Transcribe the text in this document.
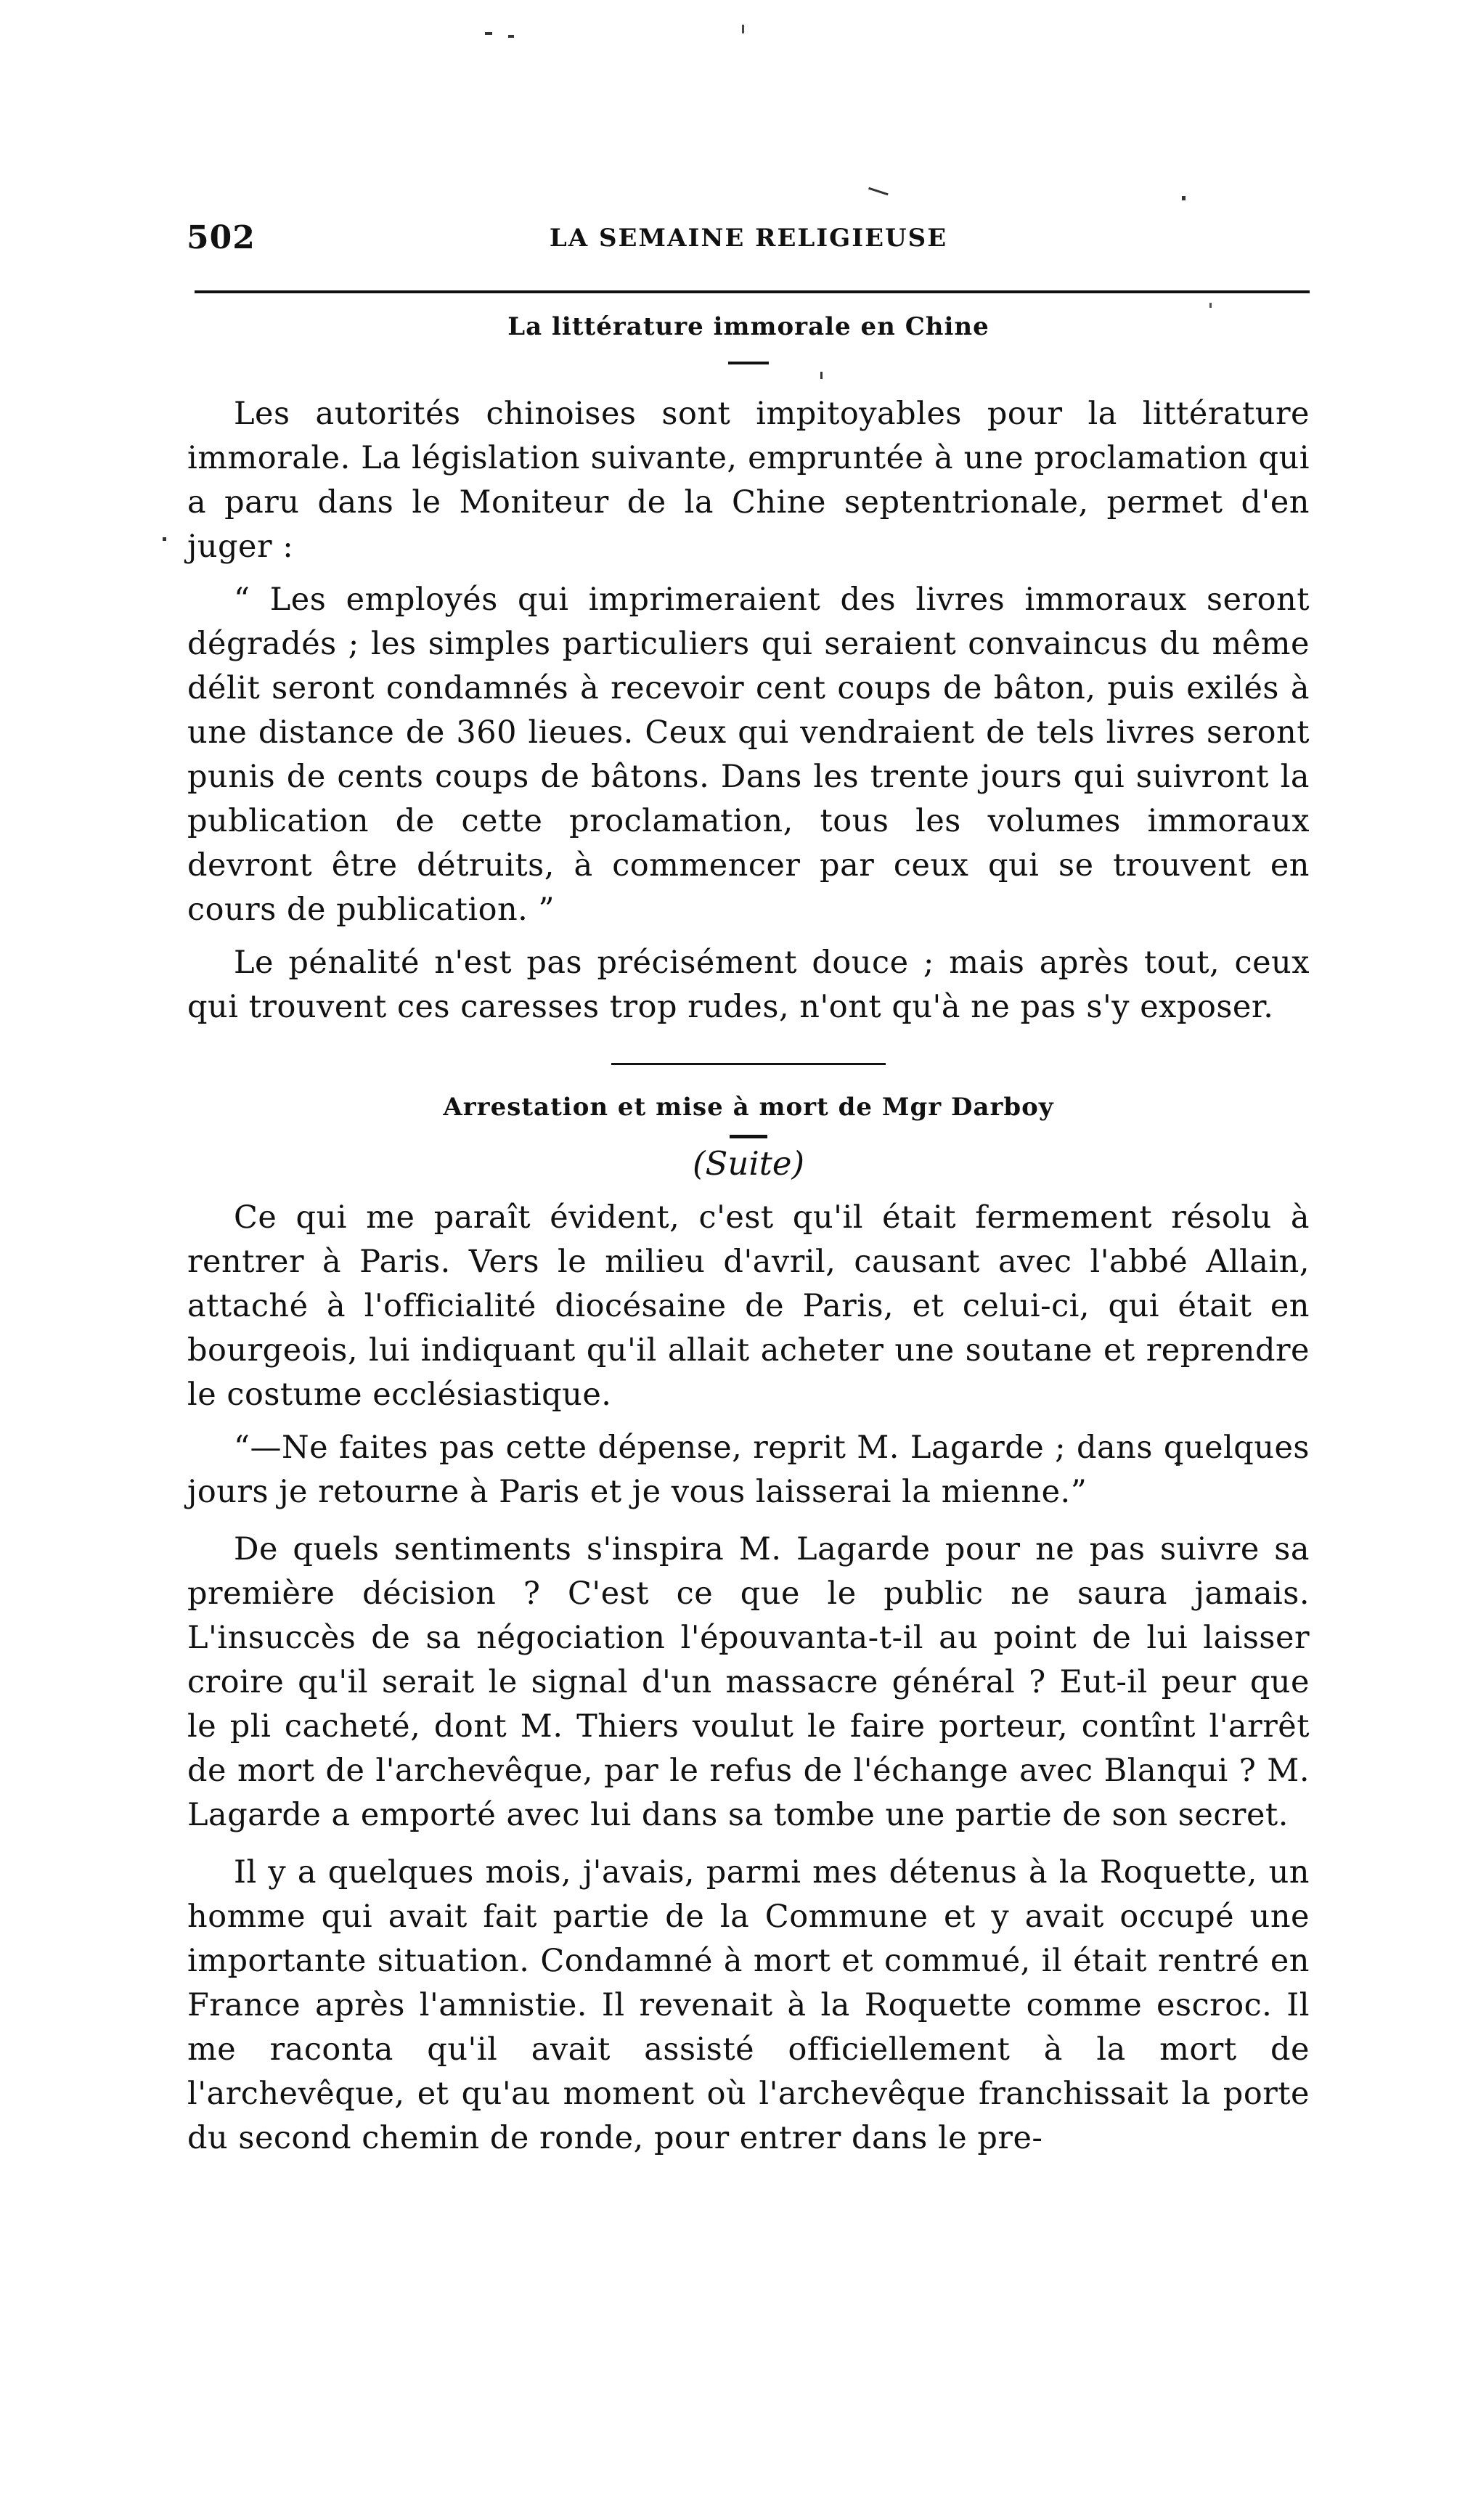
502	LA SEMAINE RELIGIEUSE
La littérature immorale en Chine

Les autorités chinoises sont impitoyables pour la littérature immorale. La législation suivante, empruntée à une proclamation qui a paru dans le Moniteur de la Chine septentrionale, permet d'en juger :

“ Les employés qui imprimeraient des livres immoraux seront dégradés ; les simples particuliers qui seraient convaincus du même délit seront condamnés à recevoir cent coups de bâton, puis exilés à une distance de 360 lieues. Ceux qui vendraient de tels livres seront punis de cents coups de bâtons. Dans les trente jours qui suivront la publication de cette proclamation, tous les volumes immoraux devront être détruits, à commencer par ceux qui se trouvent en cours de publication. ”

Le pénalité n'est pas précisément douce ; mais après tout, ceux qui trouvent ces caresses trop rudes, n'ont qu'à ne pas s'y exposer.

Arrestation et mise à mort de Mgr Darboy
(Suite)

Ce qui me paraît évident, c'est qu'il était fermement résolu à rentrer à Paris. Vers le milieu d'avril, causant avec l'abbé Allain, attaché à l'officialité diocésaine de Paris, et celui-ci, qui était en bourgeois, lui indiquant qu'il allait acheter une soutane et reprendre le costume ecclésiastique.

“—Ne faites pas cette dépense, reprit M. Lagarde ; dans quelques jours je retourne à Paris et je vous laisserai la mienne.”

De quels sentiments s'inspira M. Lagarde pour ne pas suivre sa première décision ? C'est ce que le public ne saura jamais. L'insuccès de sa négociation l'épouvanta-t-il au point de lui laisser croire qu'il serait le signal d'un massacre général ? Eut-il peur que le pli cacheté, dont M. Thiers voulut le faire porteur, contînt l'arrêt de mort de l'archevêque, par le refus de l'échange avec Blanqui ? M. Lagarde a emporté avec lui dans sa tombe une partie de son secret.

Il y a quelques mois, j'avais, parmi mes détenus à la Roquette, un homme qui avait fait partie de la Commune et y avait occupé une importante situation. Condamné à mort et commué, il était rentré en France après l'amnistie. Il revenait à la Roquette comme escroc. Il me raconta qu'il avait assisté officiellement à la mort de l'archevêque, et qu'au moment où l'archevêque franchissait la porte du second chemin de ronde, pour entrer dans le pre-
